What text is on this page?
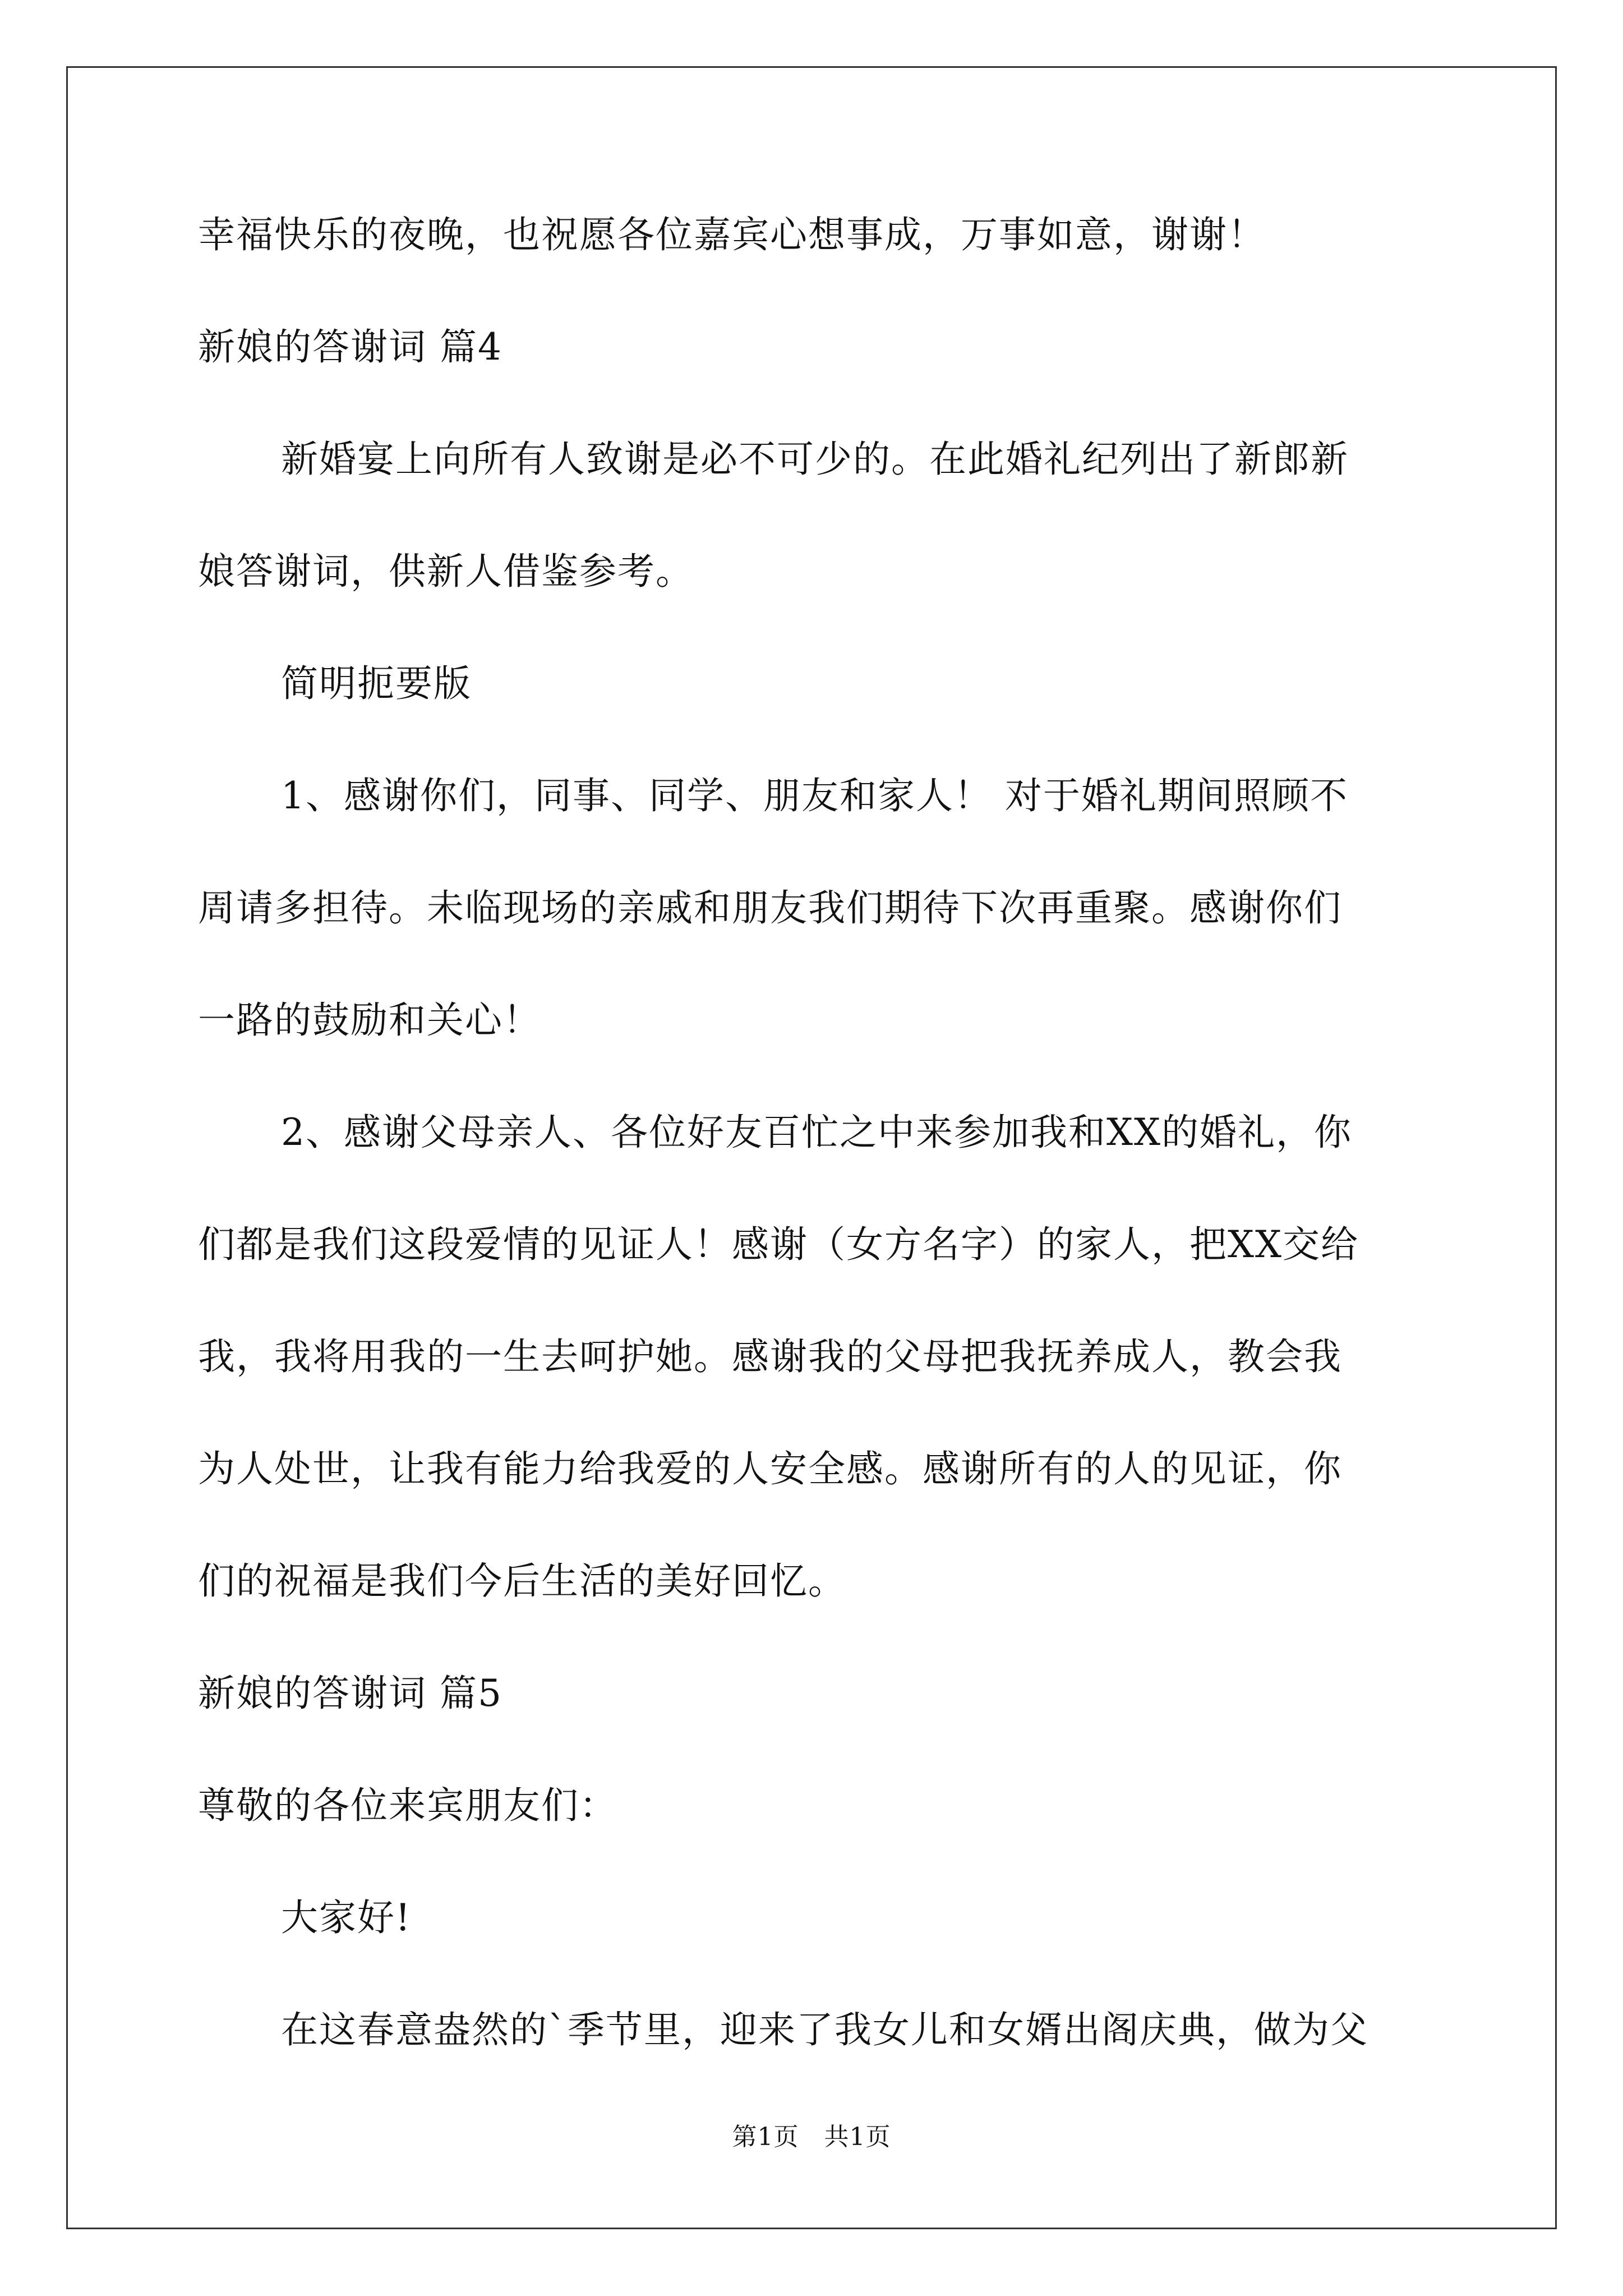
幸福快乐的夜晚，也祝愿各位嘉宾心想事成，万事如意，谢谢！

新娘的答谢词 篇4

新婚宴上向所有人致谢是必不可少的。在此婚礼纪列出了新郎新

娘答谢词，供新人借鉴参考。

简明扼要版

1、感谢你们，同事、同学、朋友和家人！ 对于婚礼期间照顾不

周请多担待。未临现场的亲戚和朋友我们期待下次再重聚。感谢你们

一路的鼓励和关心！

2、感谢父母亲人、各位好友百忙之中来参加我和XX的婚礼，你

们都是我们这段爱情的见证人！感谢（女方名字）的家人，把XX交给

我，我将用我的一生去呵护她。感谢我的父母把我抚养成人，教会我

为人处世，让我有能力给我爱的人安全感。感谢所有的人的见证，你

们的祝福是我们今后生活的美好回忆。

新娘的答谢词 篇5

尊敬的各位来宾朋友们：

大家好!

在这春意盎然的`季节里，迎来了我女儿和女婿出阁庆典，做为父

第1页　共1页
